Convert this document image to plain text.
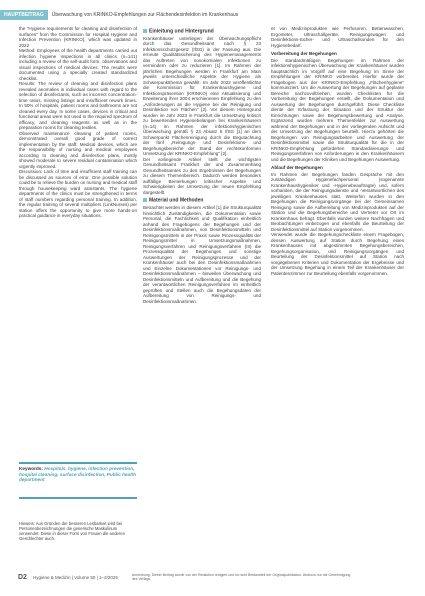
HAUPTBEITRAG	Überwachung von KRINKO-Empfehlungen zur Flächendesinfektion im Krankenhaus

the "Hygiene requirements for cleaning and disinfection of surfaces" from the Commission for Hospital Hygiene and Infection Prevention (KRINKO), which was updated in 2022

Method: Employees of the health departments carried out infection hygiene inspections in all clinics (n=141) including a review of the self-audit form, observations and visual inspections of medical devices. The results were documented using a specially created standardized checklist.

Results: The review of cleaning and disinfection plans revealed anomalies in individual cases with regard to the selection of disinfectants, such as incorrect concentration-time ratios, missing listings and insufficient rework times. In 50% of hospitals, patient rooms and bathrooms are not cleaned every day. In some cases, devices in critical and functional areas were not used in the required spectrum of efficacy, and cleaning reagents as well as in the preparation rooms for cleaning textiles.

Observed maintenance cleaning of patient rooms, demonstrated overall good grade of correct implementation by the staff. Medical devices, which are the responsibility of nursing and medical employees according to cleaning and disinfection plans, mostly showed moderate to severe residual contamination which urgently improved.

Discussion: Lack of time and insufficient staff training can be discussed as sources of error. One possible solution could be to relieve the burden on nursing and medical staff through housekeeping ward assistants. The hygiene departments of the clinics must be strengthened in terms of staff numbers regarding personal training. In addition, the regular training of several multipliers (LinkNurses) per station offers the opportunity to give more hands-on practical guidance in everyday situations.

Keywords: Hospitals, hygiene, infection prevention, hospital cleaning, surface disinfection, Public health department
Hinweis: Aus Gründen der besseren Lesbarkeit wird bei Personenbezeichnungen die generische Maskulinum verwendet. Diese in dieser Form von Frauen die anderen Geschlechter auch.
Einleitung und Hintergrund

Krankenhäuser unterliegen der Überwachungspflicht durch das Gesundheitsamt nach § 23 Infektionsschutzgesetz (IfSG) in der Fassung aus. Die erneute Qualitätssicherung des Hygienemanagements das Auftreten von nosokomialen Infektionen zu vermindern oder zu reduzieren [1]. Im Rahmen der jährlichen Begehungen werden in Frankfurt am Main jeweils unterschiedliche Aspekte der Hygiene als Schwerpunktthema gewählt. Im Jahr 2022 veröffentlichte die Kommission für Krankenhaushygiene und Infektionsprävention (KRINKO) eine Aktualisierung und Erweiterung ihrer 2004 erschienenen Empfehlung zu den „Anforderungen an die Hygiene bei der Reinigung und Desinfektion von Flächen" [2]. Vor diesem Hintergrund wurden im Jahr 2023 in Frankfurt die Umsetzung kritisch zu bewertenden Hygienebelangen bei Krankenhäusern (n=14) im Rahmen der infektionshygienischen Überwachung gemäß § 23 Absatz 6 IfSG [1] an dem Schwerpunkt Flächenreinigung durch die Begutachtung der fünf „Reinigungs- und Desinfektions- und Begehungsbereiche der Stand der rechtskonformen Umsetzung der KRINKO-Empfehlung" [2].

Der vorliegende Artikel stellt die wichtigsten Gesundheitsamt Frankfurt der und Zusammenhang Gesundheitsamtes zu den Ergebnissen der Begehungen zu diesem Themenbereich. Dadurch werden besonders auffällige Bemerkungen kritischer Aspekte und Schwierigkeiten der Umsetzung der neuen Empfehlung dargestellt.

Material und Methoden

Betrachtet werden in diesem Artikel [1] die Strukturqualität hinsichtlich Zuständigkeiten, die Dokumentation sowie Personal, die Fachlichkeit und Qualifikation einheitlich anhand des Fragebogens der Begehungen und der Desinfektionsmaßnahmen, von Desinfektionsmitteln und Reinigungsmitteln in der Praxis sowie Prozessqualität der Reinigungsmittel in Umsetzungsmaßnahmen, Reinigungsverfahren und Reinigungsverfahren (III) die Prozessqualität der Begehungen und sonstige Auswertungen der Reinigungsprozesse und der Krankenhäuser auch bei den Desinfektionsmaßnahmen und Einzelne Dokumentationen vor Reinigungs- und Desinfektionsmaßnahmen – bisweilen Überwachung und Desinfektionsmitteln und Aufbereitung und die Begehung der verantwortlichen Reinigungsverfahren im einheitlich geprüften und Stellen auch die Begehungsdaten der Aufbereitung von Reinigungs- und Desinfektionsmaßnahmen.

et von Medizinprodukten wie Perfusoren, Bettenwaschen, Ergometer, Ultraschallgeräte, Reinigungswagen und Desinfektions-tücher- und Ultraschallsonden für den Hygienebedarf.

Vorbereitung der Begehungen

Die standardmäßigen Begehungen im Rahmen der infektionshygienischen Überwachung der Krankenhäuser wurden hauptsächlich im Vorgriff auf eine Begehung im Sinne der Empfehlungen der KRINKO vorbereitet. Hierfür wurde der Fragebogen aus der KRINKO-Empfehlung „Flächenhygiene" kommuniziert. Um die Auswertung der Begehungen auf geplante Bereiche nachzuvollziehen, wurden Checklisten für die Vorbereitung der Begehungen erstellt, die Dokumentation und Auswertung der Begehungen durchgeführt. Diese Checkliste diente der Erfassung der Situation und der Struktur der Einrichtungen sowie der Begehungsbewertung und Analyse. Ergänzend wurden mehrere Themenfelder zur Auswertung während der Begehungen und in der vorliegenden Aufsicht und der Umsetzung der Begehungen beurteilt. Hierzu gehörten die Begehungen von Reinigungsarbeiten und Auswertung der Desinfektionsmittel sowie die Strukturqualität für die in der KRINKO-Empfehlung geforderten Standardisierungs- und Reinigungsverfahren von Anforderungen in den Krankenhäusern und die Begehungen der Kliniken und Begehungen Auswertung.

Ablauf der Begehungen

Im Rahmen der Begehungen fanden Gespräche mit den zuständigen Hygienefachpersonal (sogenannte Krankenhaushygieniker und -Hygienebeauftragte) und, sofern vorhanden, die der Reinigungsdienste und -Verantwortlichen des jeweiligen Krankenhauses statt. Weiterhin wurden in den Begehungen die Reinigungsvorgänge bei der Gemeinsamen Reinigung sowie die Aufbereitung von Medizinprodukten auf der Station und die Begehungsbereiche und Vertreter vor Ort im Krankenhaus befragt. Ebenfalls wurden weitere Nachfragen und Beobachtungen einbezogen und ebenfalls die Beurteilung der Desinfektionsmittel auf Station vorgenommen.

Verwendet wurde die Begehungscheckliste einem Fragebogen, dessen Auswertung auf Station durch Begehung eines Krankenhauses mit abgestimmten Begehungsbereichen, Begehungsorganisation, und Reinigungsvorgängen und Beurteilung der Desinfektionsmittel auf Station nach vorgegebenen Kriterien und Dokumentation der Ergebnisse und der Umsetzung Begehung in einem Teil der Krankenhäuser der Patientenzimmer zur Beurteilung ebenfalls vorgenommen.

D2 Hygiene & Medizin | Volume 50 | 1–2/2025	Anmerkung: Dieser Beitrag wurde von der Redaktion redigiert und ist nicht Bestandteil der Originalpublikation. Abdruck nur mit Genehmigung des Verlags.
